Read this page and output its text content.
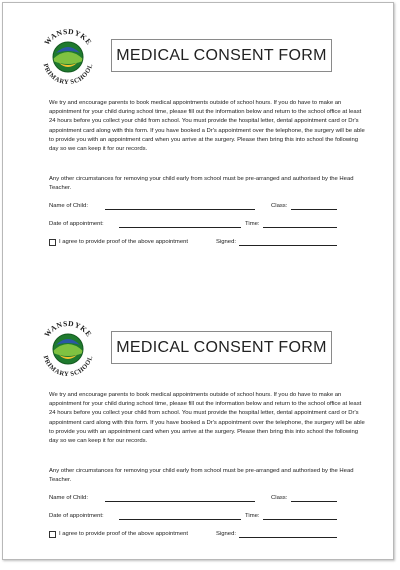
WANSDYKE
PRIMARY SCHOOL
MEDICAL CONSENT FORM

We try and encourage parents to book medical appointments outside of school hours. If you do have to make an appointment for your child during school time, please fill out the information below and return to the school office at least 24 hours before you collect your child from school. You must provide the hospital letter, dental appointment card or Dr's appointment card along with this form. If you have booked a Dr's appointment over the telephone, the surgery will be able to provide you with an appointment card when you arrive at the surgery. Please then bring this into school the following day so we can keep it for our records.

Any other circumstances for removing your child early from school must be pre-arranged and authorised by the Head Teacher.

Name of Child:	Class:
Date of appointment:	Time:
I agree to provide proof of the above appointment	Signed:
WANSDYKE
PRIMARY SCHOOL
MEDICAL CONSENT FORM

We try and encourage parents to book medical appointments outside of school hours. If you do have to make an appointment for your child during school time, please fill out the information below and return to the school office at least 24 hours before you collect your child from school. You must provide the hospital letter, dental appointment card or Dr's appointment card along with this form. If you have booked a Dr's appointment over the telephone, the surgery will be able to provide you with an appointment card when you arrive at the surgery. Please then bring this into school the following day so we can keep it for our records.

Any other circumstances for removing your child early from school must be pre-arranged and authorised by the Head Teacher.

Name of Child:	Class:
Date of appointment:	Time:
I agree to provide proof of the above appointment	Signed:
